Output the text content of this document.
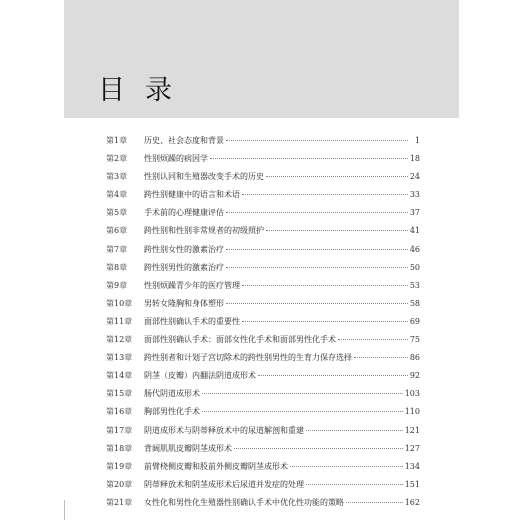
目录
第1章	历史、社会态度和背景	1
第2章	性别烦躁的病因学	18
第3章	性别认同和生殖器改变手术的历史	24
第4章	跨性别健康中的语言和术语	33
第5章	手术前的心理健康评估	37
第6章	跨性别和性别非常规者的初级照护	41
第7章	跨性别女性的激素治疗	46
第8章	跨性别男性的激素治疗	50
第9章	性别烦躁青少年的医疗管理	53
第10章	男转女隆胸和身体塑形	58
第11章	面部性别确认手术的重要性	69
第12章	面部性别确认手术：面部女性化手术和面部男性化手术	75
第13章	跨性别者和计划子宫切除术的跨性别男性的生育力保存选择	86
第14章	阴茎（皮瓣）内翻法阴道成形术	92
第15章	肠代阴道成形术	103
第16章	胸部男性化手术	110
第17章	阴道成形术与阴蒂释放术中的尿道解剖和重建	121
第18章	背阔肌肌皮瓣阴茎成形术	127
第19章	前臂桡侧皮瓣和股前外侧皮瓣阴茎成形术	134
第20章	阴蒂释放术和阴茎成形术后尿道并发症的处理	151
第21章	女性化和男性化生殖器性别确认手术中优化性功能的策略	162
